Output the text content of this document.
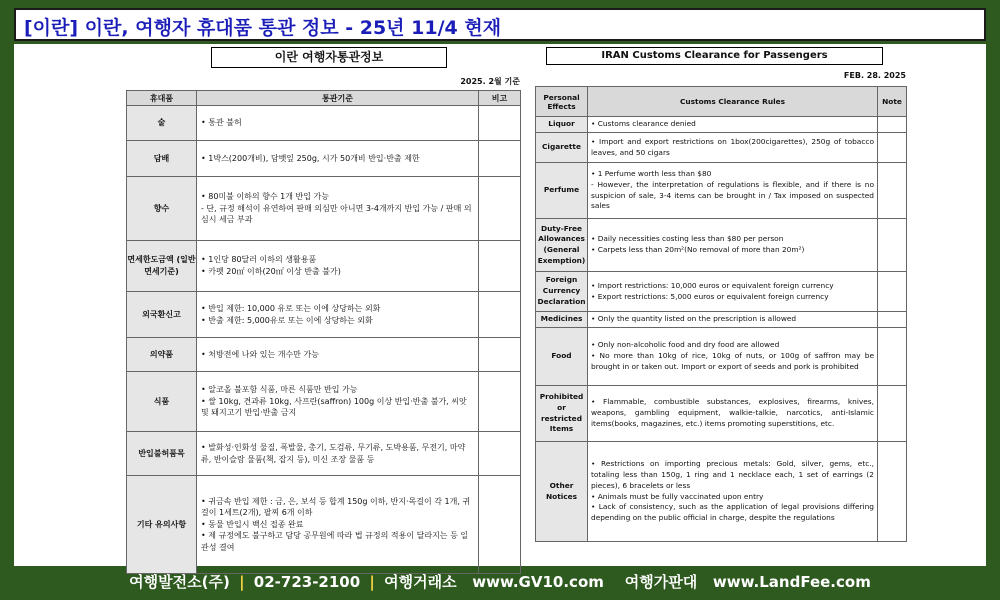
[이란] 이란, 여행자 휴대품 통관 정보 - 25년 11/4 현재
이란 여행자통관정보
2025. 2월 기준
휴대품	통관기준	비고
술	• 통관 불허	

담배	• 1박스(200개비), 담뱃잎 250g, 시가 50개비 반입·반출 제한	

향수	• 80미불 이하의 향수 1개 반입 가능
- 단, 규정 해석이 유연하여 판매 의심만 아니면 3-4개까지 반입 가능 / 판매 의심시 세금 부과	

면세한도금액 (일반면세기준)	• 1인당 80달러 이하의 생활용품
• 카펫 20㎡ 이하(20㎡ 이상 반출 불가)	

외국환신고	• 반입 제한: 10,000 유로 또는 이에 상당하는 외화
• 반출 제한: 5,000유로 또는 이에 상당하는 외화	

의약품	• 처방전에 나와 있는 개수만 가능	

식품	• 알코올 불포함 식품, 마른 식품만 반입 가능
• 쌀 10kg, 견과류 10kg, 사프란(saffron) 100g 이상 반입·반출 불가, 씨앗 및 돼지고기 반입·반출 금지	

반입불허품목	• 발화성·인화성 물질, 폭발물, 총기, 도검류, 무기류, 도박용품, 무전기, 마약류, 반이슬람 물품(책, 잡지 등), 미신 조장 물품 등	

기타 유의사항	• 귀금속 반입 제한 : 금, 은, 보석 등 합계 150g 이하, 반지·목걸이 각 1개, 귀걸이 1세트(2개), 팔찌 6개 이하
• 동물 반입시 백신 접종 완료
• 제 규정에도 불구하고 담당 공무원에 따라 법 규정의 적용이 달라지는 등 일관성 결여	

IRAN Customs Clearance for Passengers
FEB. 28. 2025
Personal Effects	Customs Clearance Rules	Note
Liquor	• Customs clearance denied	

Cigarette	• Import and export restrictions on 1box(200cigarettes), 250g of tobacco leaves, and 50 cigars	

Perfume	• 1 Perfume worth less than $80
- However, the interpretation of regulations is flexible, and if there is no suspicion of sale, 3-4 items can be brought in / Tax imposed on suspected sales	

Duty-Free Allowances (General Exemption)	• Daily necessities costing less than $80 per person
• Carpets less than 20m²(No removal of more than 20m²)	

Foreign Currency Declaration	• Import restrictions: 10,000 euros or equivalent foreign currency
• Export restrictions: 5,000 euros or equivalent foreign currency	

Medicines	• Only the quantity listed on the prescription is allowed	

Food	• Only non-alcoholic food and dry food are allowed
• No more than 10kg of rice, 10kg of nuts, or 100g of saffron may be brought in or taken out. Import or export of seeds and pork is prohibited	

Prohibited or restricted Items	• Flammable, combustible substances, explosives, firearms, knives, weapons, gambling equipment, walkie-talkie, narcotics, anti-Islamic items(books, magazines, etc.) items promoting superstitions, etc.	

Other Notices	• Restrictions on importing precious metals: Gold, silver, gems, etc., totaling less than 150g, 1 ring and 1 necklace each, 1 set of earrings (2 pieces), 6 bracelets or less
• Animals must be fully vaccinated upon entry
• Lack of consistency, such as the application of legal provisions differing depending on the public official in charge, despite the regulations	

여행발전소(주) | 02-723-2100 | 여행거래소 www.GV10.com 여행가판대 www.LandFee.com
